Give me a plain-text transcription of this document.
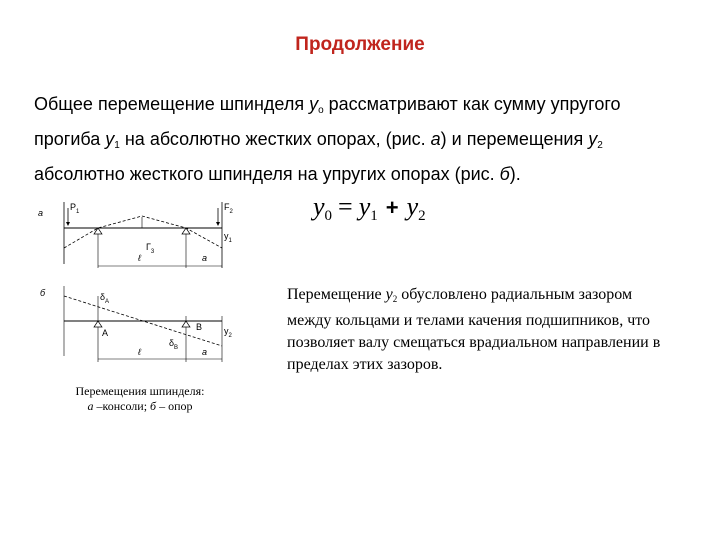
Продолжение
Общее перемещение шпинделя $y_о$ рассматривают как сумму упругого прогиба $y_1$ на абсолютно жестких опорах, (рис. а) и перемещения $y_2$ абсолютно жесткого шпинделя на упругих опорах (рис. б).
$y_0 = y_1 + y_2$
а
$P_1$	$F_2$
$y_1$
$Г_3$
ℓ	a
б	$\delta_A$
A
B $y_2$
$\delta_B$
ℓ	a
Перемещения шпинделя:
а –консоли; б – опор
Перемещение $y_2$ обусловлено радиальным зазором между кольцами и телами качения подшипников, что позволяет валу смещаться врадиальном направлении в пределах этих зазоров.
